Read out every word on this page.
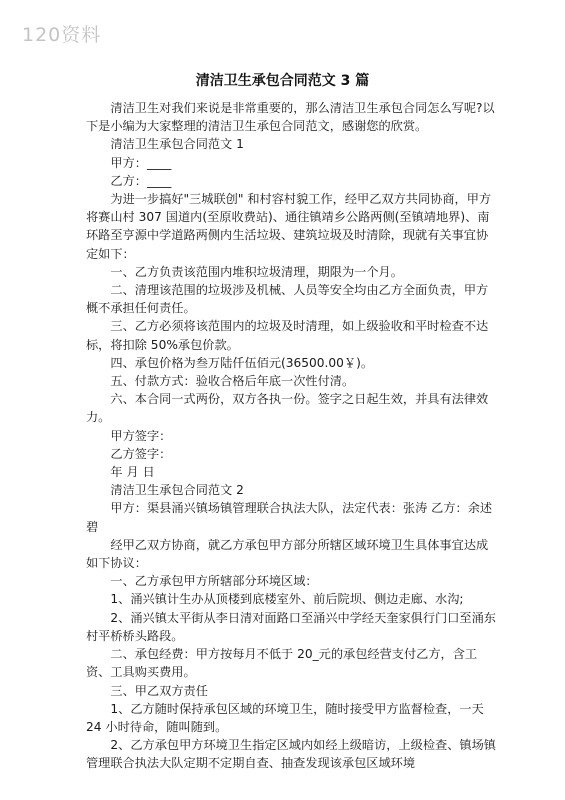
120资料
清洁卫生承包合同范文 3 篇

清洁卫生对我们来说是非常重要的，那么清洁卫生承包合同怎么写呢?以下是小编为大家整理的清洁卫生承包合同范文，感谢您的欣赏。

清洁卫生承包合同范文 1

甲方：____

乙方：____

为进一步搞好"三城联创" 和村容村貌工作，经甲乙双方共同协商，甲方将赛山村 307 国道内(至原收费站)、通往镇靖乡公路两侧(至镇靖地界)、南环路至亨源中学道路两侧内生活垃圾、建筑垃圾及时清除，现就有关事宜协定如下：

一、乙方负责该范围内堆积垃圾清理，期限为一个月。

二、清理该范围的垃圾涉及机械、人员等安全均由乙方全面负责，甲方概不承担任何责任。

三、乙方必须将该范围内的垃圾及时清理，如上级验收和平时检查不达标，将扣除 50%承包价款。

四、承包价格为叁万陆仟伍佰元(36500.00￥)。

五、付款方式：验收合格后年底一次性付清。

六、本合同一式两份，双方各执一份。签字之日起生效，并具有法律效力。

甲方签字：

乙方签字：

年 月 日

清洁卫生承包合同范文 2

甲方：渠县涌兴镇场镇管理联合执法大队，法定代表：张涛 乙方：余述碧

经甲乙双方协商，就乙方承包甲方部分所辖区域环境卫生具体事宜达成如下协议：

一、乙方承包甲方所辖部分环境区域：

1、涌兴镇计生办从顶楼到底楼室外、前后院坝、侧边走廊、水沟;

2、涌兴镇太平街从李日清对面路口至涌兴中学经天奎家俱行门口至涌东村平桥桥头路段。

二、承包经费：甲方按每月不低于 20_元的承包经营支付乙方，含工资、工具购买费用。

三、甲乙双方责任

1、乙方随时保持承包区域的环境卫生，随时接受甲方监督检查，一天 24 小时待命，随叫随到。

2、乙方承包甲方环境卫生指定区域内如经上级暗访，上级检查、镇场镇管理联合执法大队定期不定期自查、抽查发现该承包区域环境
